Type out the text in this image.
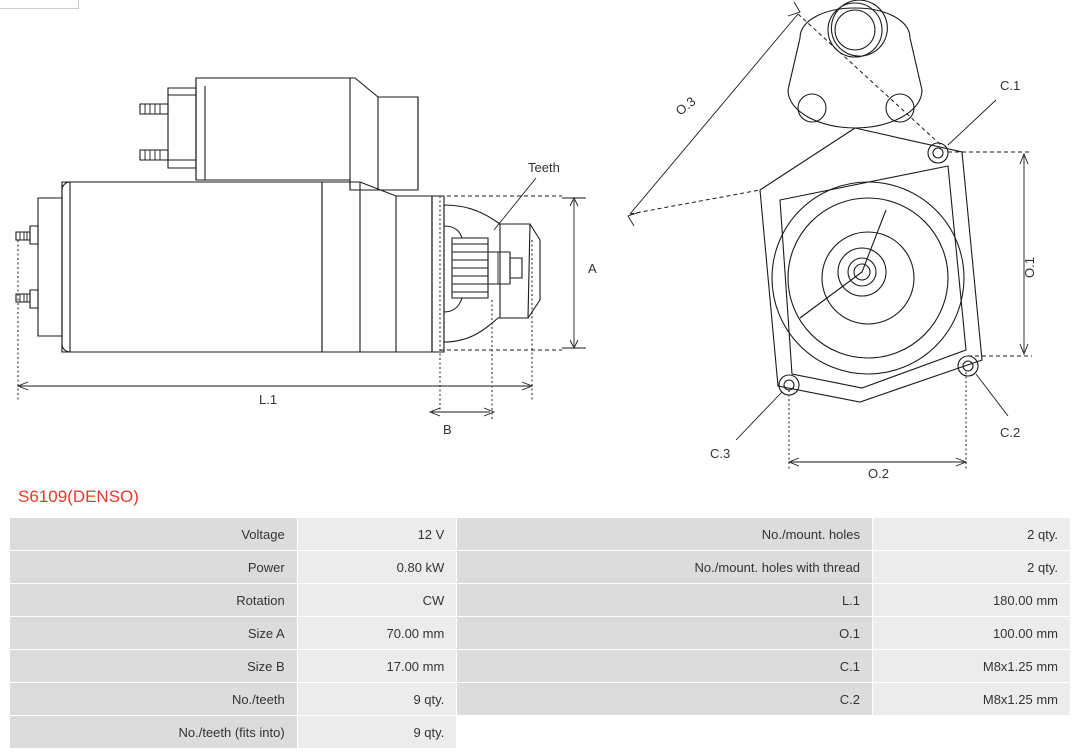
A
Teeth
L.1
B
O.3
O.1
O.2
C.1
C.2
C.3
S6109(DENSO)
Voltage	12 V	No./mount. holes	2 qty.
Power	0.80 kW	No./mount. holes with thread	2 qty.
Rotation	CW	L.1	180.00 mm
Size A	70.00 mm	O.1	100.00 mm
Size B	17.00 mm	C.1	M8x1.25 mm
No./teeth	9 qty.	C.2	M8x1.25 mm
No./teeth (fits into)	9 qty.		
